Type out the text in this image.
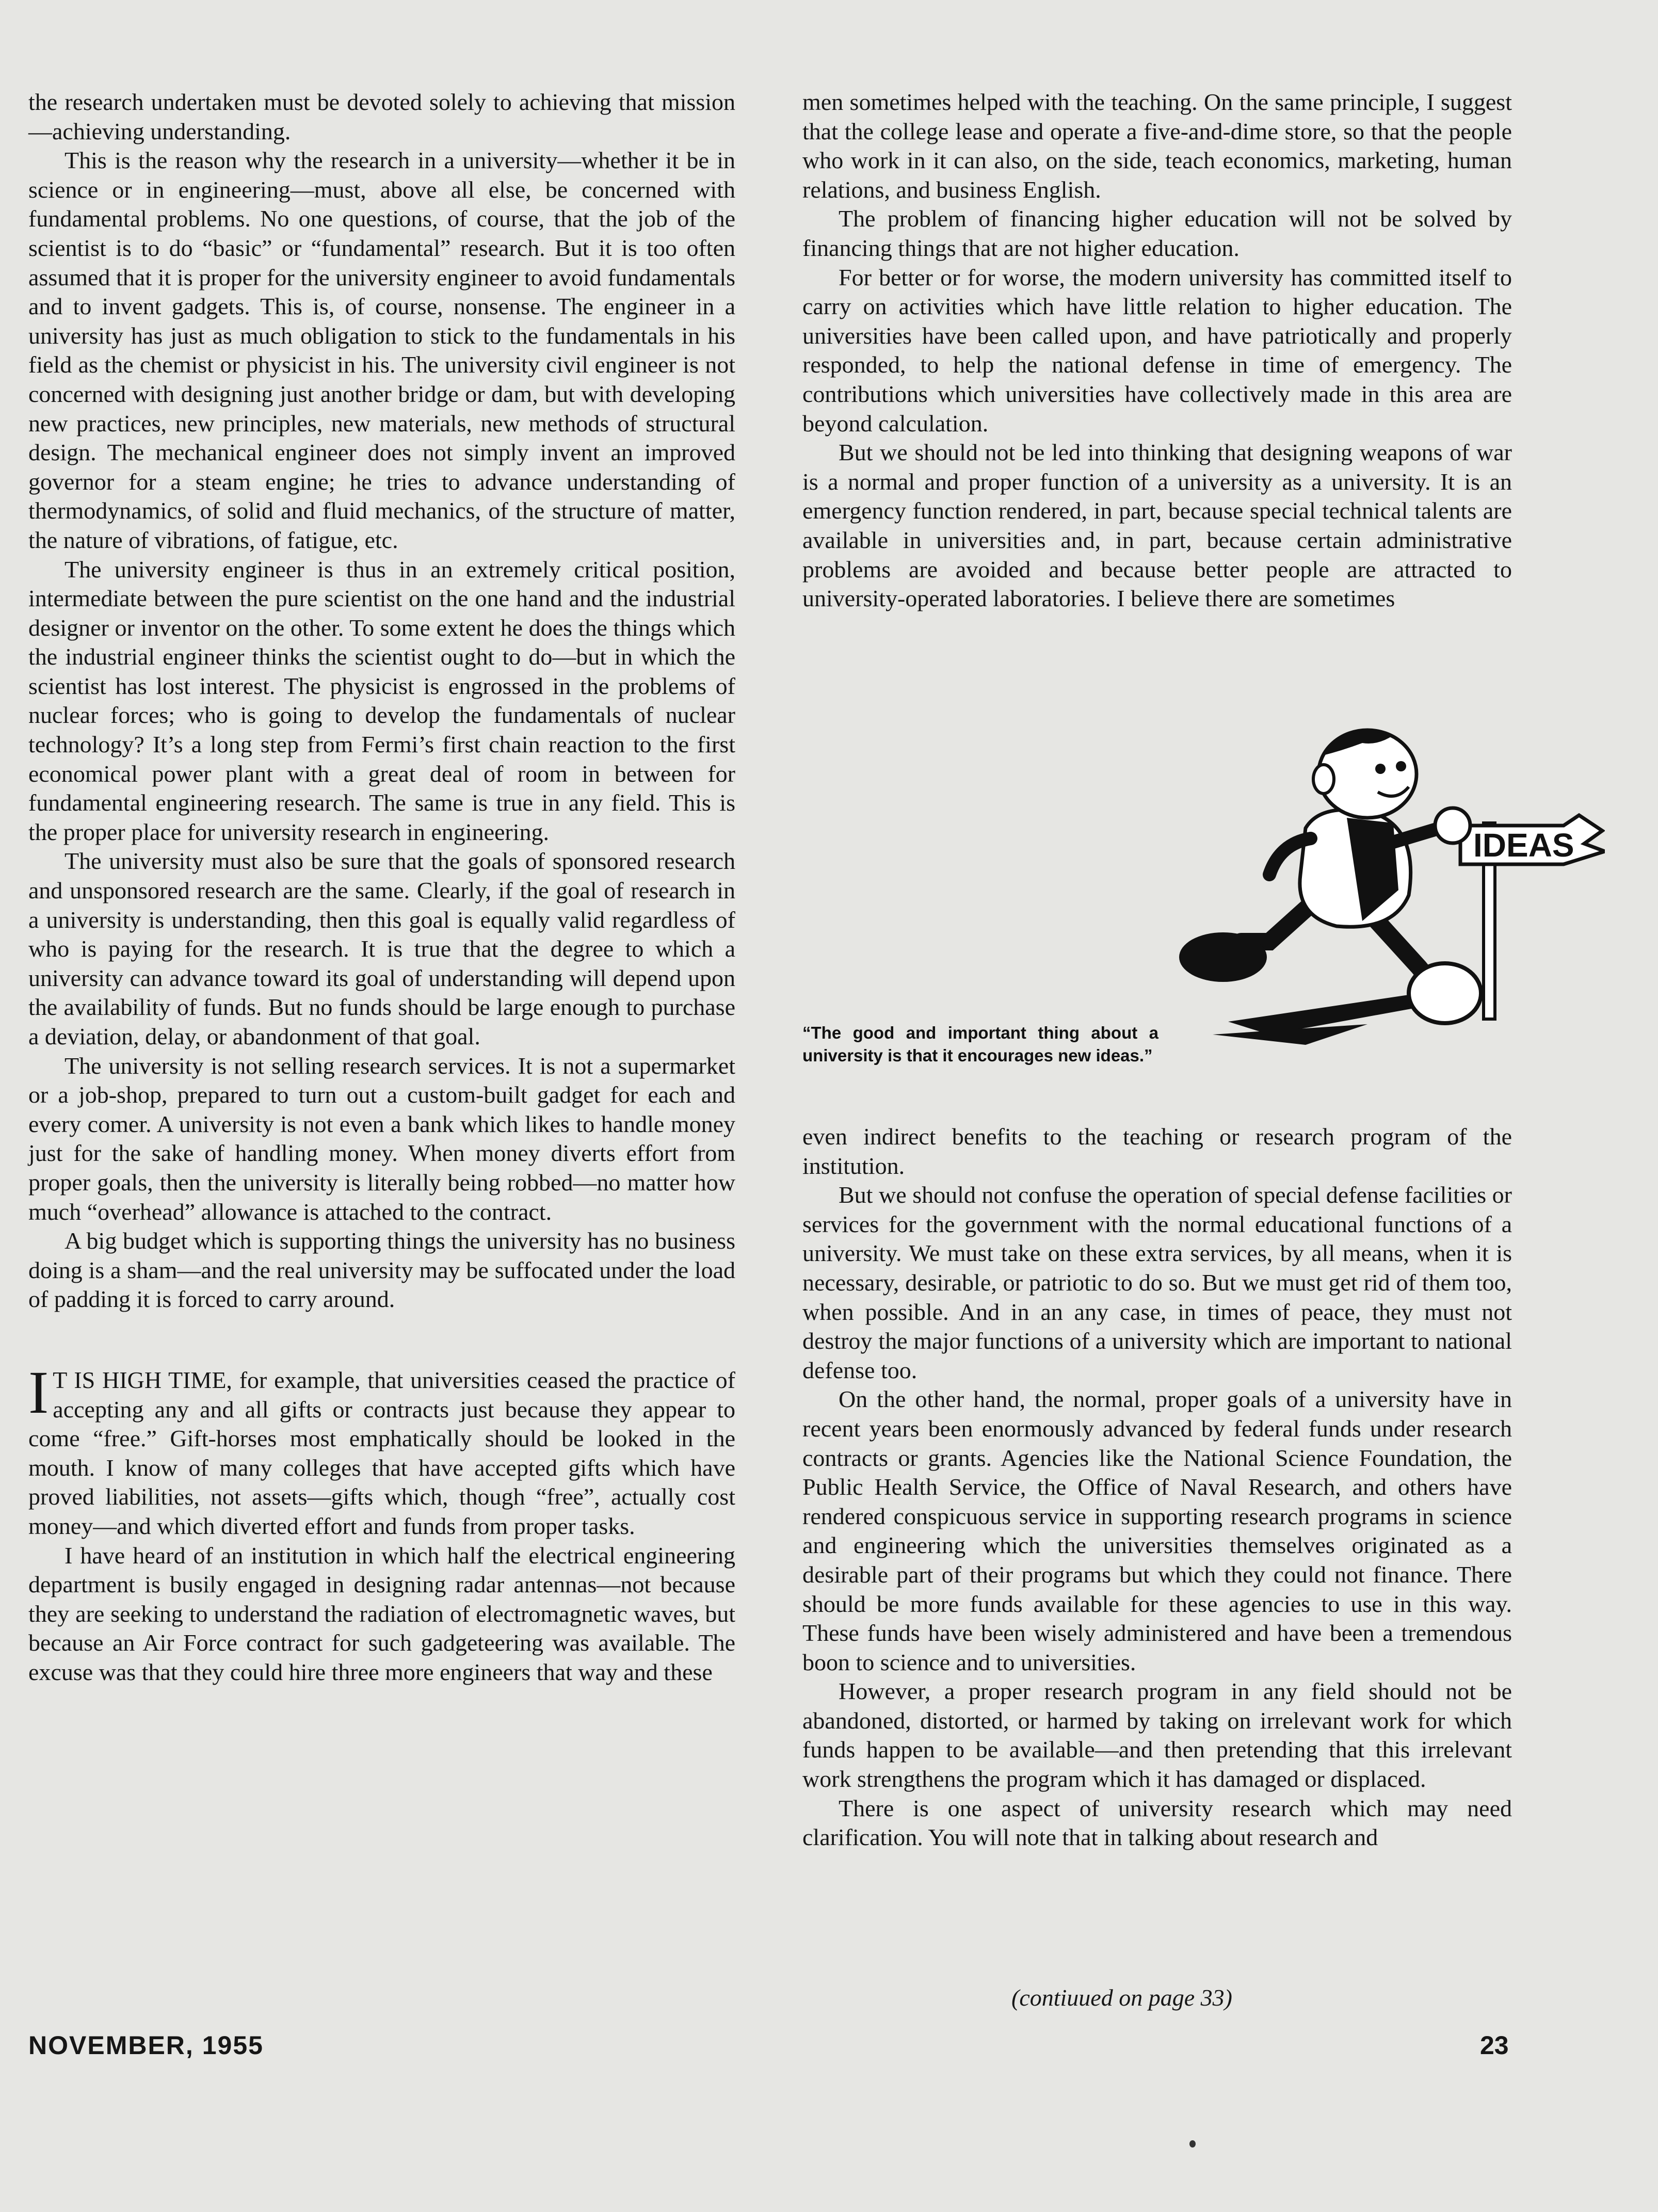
the research undertaken must be devoted solely to achieving that mission—achieving understanding.

This is the reason why the research in a university—whether it be in science or in engineering—must, above all else, be concerned with fundamental problems. No one questions, of course, that the job of the scientist is to do “basic” or “fundamental” research. But it is too often assumed that it is proper for the university engineer to avoid fundamentals and to invent gadgets. This is, of course, nonsense. The engineer in a university has just as much obligation to stick to the fundamentals in his field as the chemist or physicist in his. The university civil engineer is not concerned with designing just another bridge or dam, but with developing new practices, new principles, new materials, new methods of structural design. The mechanical engineer does not simply invent an improved governor for a steam engine; he tries to advance understanding of thermodynamics, of solid and fluid mechanics, of the structure of matter, the nature of vibrations, of fatigue, etc.

The university engineer is thus in an extremely critical position, intermediate between the pure scientist on the one hand and the industrial designer or inventor on the other. To some extent he does the things which the industrial engineer thinks the scientist ought to do—but in which the scientist has lost interest. The physicist is engrossed in the problems of nuclear forces; who is going to develop the fundamentals of nuclear technology? It’s a long step from Fermi’s first chain reaction to the first economical power plant with a great deal of room in between for fundamental engineering research. The same is true in any field. This is the proper place for university research in engineering.

The university must also be sure that the goals of sponsored research and unsponsored research are the same. Clearly, if the goal of research in a university is understanding, then this goal is equally valid regardless of who is paying for the research. It is true that the degree to which a university can advance toward its goal of understanding will depend upon the availability of funds. But no funds should be large enough to purchase a deviation, delay, or abandonment of that goal.

The university is not selling research services. It is not a supermarket or a job-shop, prepared to turn out a custom-built gadget for each and every comer. A university is not even a bank which likes to handle money just for the sake of handling money. When money diverts effort from proper goals, then the university is literally being robbed—no matter how much “overhead” allowance is attached to the contract.

A big budget which is supporting things the university has no business doing is a sham—and the real university may be suffocated under the load of padding it is forced to carry around.

I T IS HIGH TIME, for example, that universities ceased the practice of accepting any and all gifts or contracts just because they appear to come “free.” Gift-horses most emphatically should be looked in the mouth. I know of many colleges that have accepted gifts which have proved liabilities, not assets—gifts which, though “free”, actually cost money—and which diverted effort and funds from proper tasks.

I have heard of an institution in which half the electrical engineering department is busily engaged in designing radar antennas—not because they are seeking to understand the radiation of electromagnetic waves, but because an Air Force contract for such gadgeteering was available. The excuse was that they could hire three more engineers that way and these

men sometimes helped with the teaching. On the same principle, I suggest that the college lease and operate a five-and-dime store, so that the people who work in it can also, on the side, teach economics, marketing, human relations, and business English.

The problem of financing higher education will not be solved by financing things that are not higher education.

For better or for worse, the modern university has committed itself to carry on activities which have little relation to higher education. The universities have been called upon, and have patriotically and properly responded, to help the national defense in time of emergency. The contributions which universities have collectively made in this area are beyond calculation.

But we should not be led into thinking that designing weapons of war is a normal and proper function of a university as a university. It is an emergency function rendered, in part, because special technical talents are available in universities and, in part, because certain administrative problems are avoided and because better people are attracted to university-operated laboratories. I believe there are sometimes

IDEAS
“The good and important thing about a university is that it encourages new ideas.”

even indirect benefits to the teaching or research program of the institution.

But we should not confuse the operation of special defense facilities or services for the government with the normal educational functions of a university. We must take on these extra services, by all means, when it is necessary, desirable, or patriotic to do so. But we must get rid of them too, when possible. And in an any case, in times of peace, they must not destroy the major functions of a university which are important to national defense too.

On the other hand, the normal, proper goals of a university have in recent years been enormously advanced by federal funds under research contracts or grants. Agencies like the National Science Foundation, the Public Health Service, the Office of Naval Research, and others have rendered conspicuous service in supporting research programs in science and engineering which the universities themselves originated as a desirable part of their programs but which they could not finance. There should be more funds available for these agencies to use in this way. These funds have been wisely administered and have been a tremendous boon to science and to universities.

However, a proper research program in any field should not be abandoned, distorted, or harmed by taking on irrelevant work for which funds happen to be available—and then pretending that this irrelevant work strengthens the program which it has damaged or displaced.

There is one aspect of university research which may need clarification. You will note that in talking about research and

(contiuued on page 33)
NOVEMBER, 1955	23
